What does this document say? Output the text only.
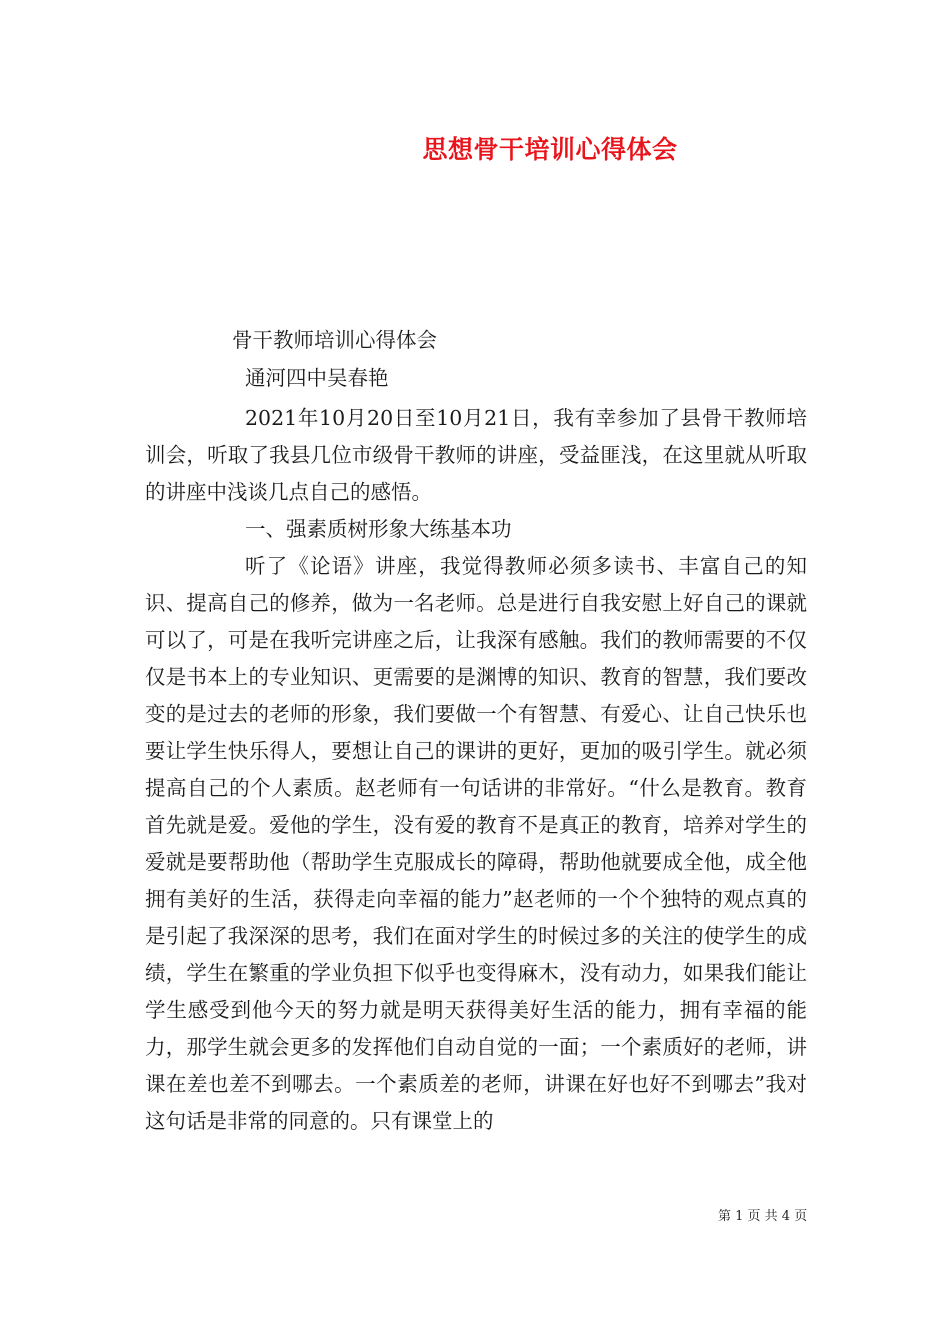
思想骨干培训心得体会
骨干教师培训心得体会
通河四中吴春艳

2021年10月20日至10月21日，我有幸参加了县骨干教师培训会，听取了我县几位市级骨干教师的讲座，受益匪浅，在这里就从听取的讲座中浅谈几点自己的感悟。

一、强素质树形象大练基本功

听了《论语》讲座，我觉得教师必须多读书、丰富自己的知识、提高自己的修养，做为一名老师。总是进行自我安慰上好自己的课就可以了，可是在我听完讲座之后，让我深有感触。我们的教师需要的不仅仅是书本上的专业知识、更需要的是渊博的知识、教育的智慧，我们要改变的是过去的老师的形象，我们要做一个有智慧、有爱心、让自己快乐也要让学生快乐得人，要想让自己的课讲的更好，更加的吸引学生。就必须提高自己的个人素质。赵老师有一句话讲的非常好。“什么是教育。教育首先就是爱。爱他的学生，没有爱的教育不是真正的教育，培养对学生的爱就是要帮助他（帮助学生克服成长的障碍，帮助他就要成全他，成全他拥有美好的生活，获得走向幸福的能力”赵老师的一个个独特的观点真的是引起了我深深的思考，我们在面对学生的时候过多的关注的使学生的成绩，学生在繁重的学业负担下似乎也变得麻木，没有动力，如果我们能让学生感受到他今天的努力就是明天获得美好生活的能力，拥有幸福的能力，那学生就会更多的发挥他们自动自觉的一面；一个素质好的老师，讲课在差也差不到哪去。一个素质差的老师，讲课在好也好不到哪去”我对这句话是非常的同意的。只有课堂上的

第 1 页 共 4 页
